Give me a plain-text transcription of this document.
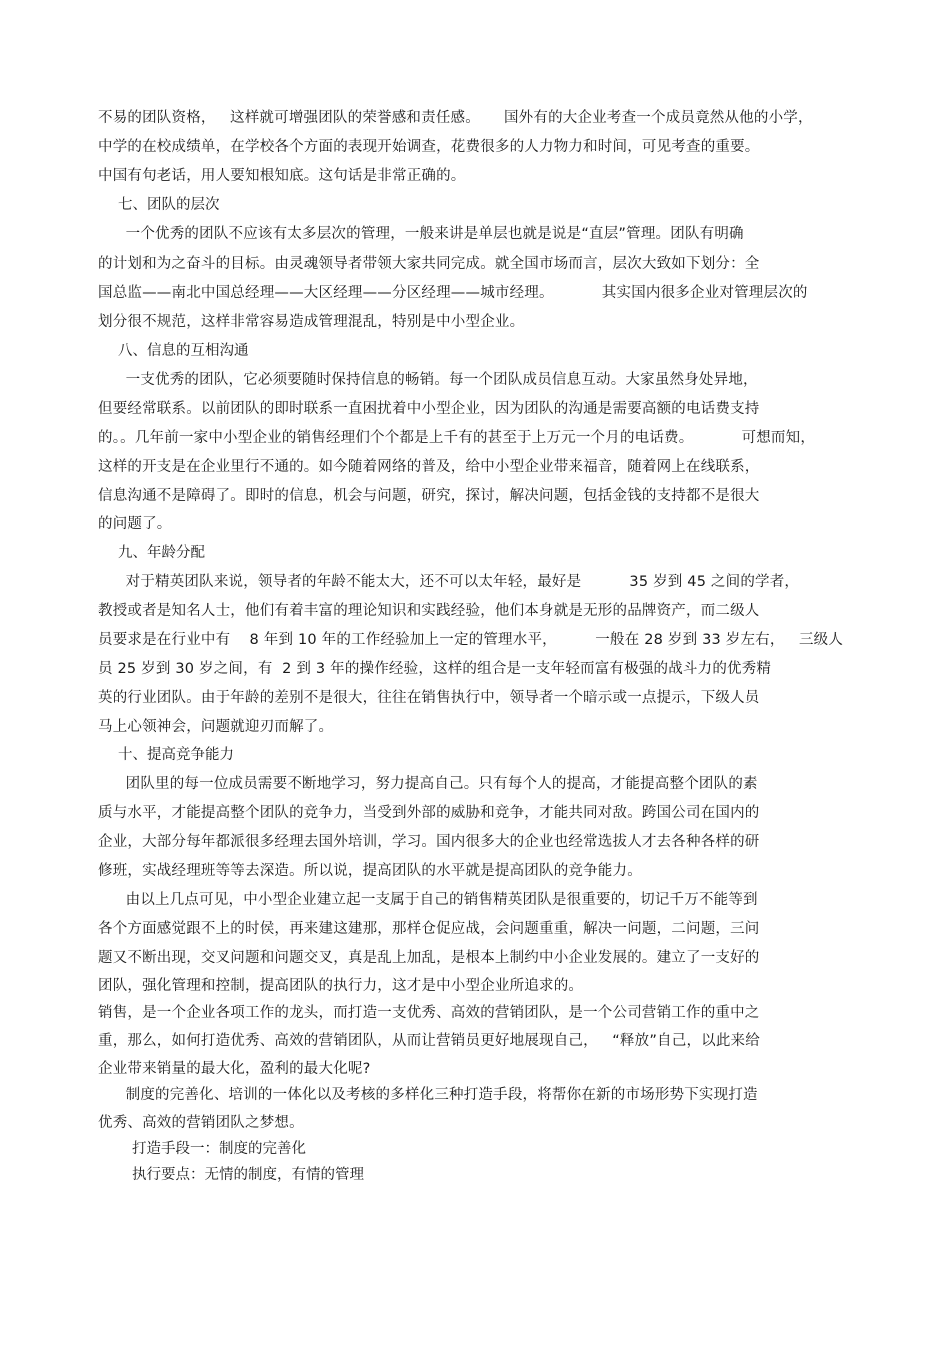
不易的团队资格，   这样就可增强团队的荣誉感和责任感。     国外有的大企业考查一个成员竟然从他的小学，
中学的在校成绩单，在学校各个方面的表现开始调查，花费很多的人力物力和时间，可见考查的重要。
中国有句老话，用人要知根知底。这句话是非常正确的。
七、团队的层次
一个优秀的团队不应该有太多层次的管理，一般来讲是单层也就是说是“直层”管理。团队有明确
的计划和为之奋斗的目标。由灵魂领导者带领大家共同完成。就全国市场而言，层次大致如下划分：全
国总监——南北中国总经理——大区经理——分区经理——城市经理。          其实国内很多企业对管理层次的
划分很不规范，这样非常容易造成管理混乱，特别是中小型企业。
八、信息的互相沟通
一支优秀的团队，它必须要随时保持信息的畅销。每一个团队成员信息互动。大家虽然身处异地，
但要经常联系。以前团队的即时联系一直困扰着中小型企业，因为团队的沟通是需要高额的电话费支持
的。。几年前一家中小型企业的销售经理们个个都是上千有的甚至于上万元一个月的电话费。          可想而知，
这样的开支是在企业里行不通的。如今随着网络的普及，给中小型企业带来福音，随着网上在线联系，
信息沟通不是障碍了。即时的信息，机会与问题，研究，探讨，解决问题，包括金钱的支持都不是很大
的问题了。
九、年龄分配
对于精英团队来说，领导者的年龄不能太大，还不可以太年轻，最好是          35 岁到 45 之间的学者，
教授或者是知名人士，他们有着丰富的理论知识和实践经验，他们本身就是无形的品牌资产，而二级人
员要求是在行业中有    8 年到 10 年的工作经验加上一定的管理水平，        一般在 28 岁到 33 岁左右，   三级人
员 25 岁到 30 岁之间，有  2 到 3 年的操作经验，这样的组合是一支年轻而富有极强的战斗力的优秀精
英的行业团队。由于年龄的差别不是很大，往往在销售执行中，领导者一个暗示或一点提示，下级人员
马上心领神会，问题就迎刃而解了。
十、提高竞争能力
团队里的每一位成员需要不断地学习，努力提高自己。只有每个人的提高，才能提高整个团队的素
质与水平，才能提高整个团队的竞争力，当受到外部的威胁和竞争，才能共同对敌。跨国公司在国内的
企业，大部分每年都派很多经理去国外培训，学习。国内很多大的企业也经常选拔人才去各种各样的研
修班，实战经理班等等去深造。所以说，提高团队的水平就是提高团队的竞争能力。
由以上几点可见，中小型企业建立起一支属于自己的销售精英团队是很重要的，切记千万不能等到
各个方面感觉跟不上的时侯，再来建这建那，那样仓促应战，会问题重重，解决一问题，二问题，三问
题又不断出现，交叉问题和问题交叉，真是乱上加乱，是根本上制约中小企业发展的。建立了一支好的
团队，强化管理和控制，提高团队的执行力，这才是中小型企业所追求的。
销售，是一个企业各项工作的龙头，而打造一支优秀、高效的营销团队，是一个公司营销工作的重中之
重，那么，如何打造优秀、高效的营销团队，从而让营销员更好地展现自己，   “释放”自己，以此来给
企业带来销量的最大化，盈利的最大化呢?
制度的完善化、培训的一体化以及考核的多样化三种打造手段，将帮你在新的市场形势下实现打造
优秀、高效的营销团队之梦想。
打造手段一：制度的完善化
执行要点：无情的制度，有情的管理
